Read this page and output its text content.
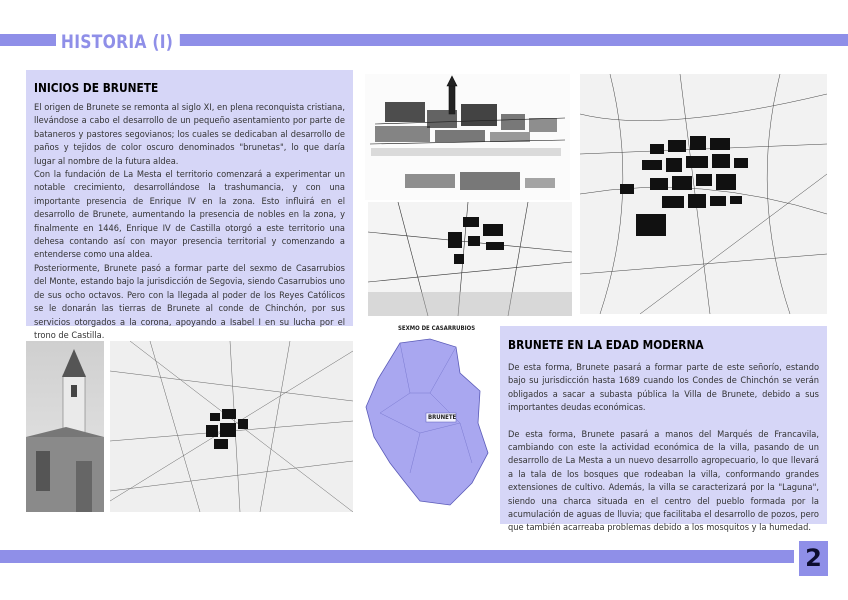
HISTORIA (I)
INICIOS DE BRUNETE

El origen de Brunete se remonta al siglo XI, en plena reconquista cristiana, llevándose a cabo el desarrollo de un pequeño asentamiento por parte de bataneros y pastores segovianos; los cuales se dedicaban al desarrollo de paños y tejidos de color oscuro denominados "brunetas", lo que daría lugar al nombre de la futura aldea.

Con la fundación de La Mesta el territorio comenzará a experimentar un notable crecimiento, desarrollándose la trashumancia, y con una importante presencia de Enrique IV en la zona. Esto influirá en el desarrollo de Brunete, aumentando la presencia de nobles en la zona, y finalmente en 1446, Enrique IV de Castilla otorgó a este territorio una dehesa contando así con mayor presencia territorial y comenzando a entenderse como una aldea.

Posteriormente, Brunete pasó a formar parte del sexmo de Casarrubios del Monte, estando bajo la jurisdicción de Segovia, siendo Casarrubios uno de sus ocho octavos. Pero con la llegada al poder de los Reyes Católicos se le donarán las tierras de Brunete al conde de Chinchón, por sus servicios otorgados a la corona, apoyando a Isabel I en su lucha por el trono de Castilla.

SEXMO DE CASARRUBIOS
BRUNETE
BRUNETE EN LA EDAD MODERNA

De esta forma, Brunete pasará a formar parte de este señorío, estando bajo su jurisdicción hasta 1689 cuando los Condes de Chinchón se verán obligados a sacar a subasta pública la Villa de Brunete, debido a sus importantes deudas económicas.

De esta forma, Brunete pasará a manos del Marqués de Francavila, cambiando con este la actividad económica de la villa, pasando de un desarrollo de La Mesta a un nuevo desarrollo agropecuario, lo que llevará a la tala de los bosques que rodeaban la villa, conformando grandes extensiones de cultivo. Además, la villa se caracterizará por la "Laguna", siendo una charca situada en el centro del pueblo formada por la acumulación de aguas de lluvia; que facilitaba el desarrollo de pozos, pero que también acarreaba problemas debido a los mosquitos y la humedad.

2
